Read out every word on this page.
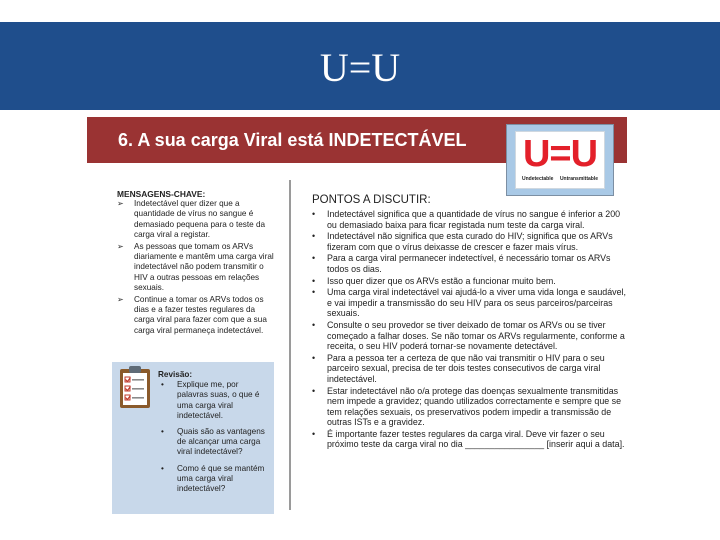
U=U
6. A sua carga Viral está INDETECTÁVEL U=U
Undetectable Untransmittable
MENSAGENS-CHAVE:
➢ Indetectável quer dizer que a quantidade de vírus no sangue é demasiado pequena para o teste da carga viral a registar.
➢ As pessoas que tomam os ARVs diariamente e mantêm uma carga viral indetectável não podem transmitir o HIV a outras pessoas em relações sexuais.
➢ Continue a tomar os ARVs todos os dias e a fazer testes regulares da carga viral para fazer com que a sua carga viral permaneça indetectável.
Revisão:
• Explique me, por palavras suas, o que é uma carga viral indetectável.
• Quais são as vantagens de alcançar uma carga viral indetectável?
• Como é que se mantém uma carga viral indetectável?
PONTOS A DISCUTIR:
• Indetectável significa que a quantidade de vírus no sangue é inferior a 200 ou demasiado baixa para ficar registada num teste da carga viral.
• Indetectável não significa que esta curado do HIV; significa que os ARVs fizeram com que o vírus deixasse de crescer e fazer mais vírus.
• Para a carga viral permanecer indetectível, é necessário tomar os ARVs todos os dias.
• Isso quer dizer que os ARVs estão a funcionar muito bem.
• Uma carga viral indetectável vai ajudá-lo a viver uma vida longa e saudável, e vai impedir a transmissão do seu HIV para os seus parceiros/parceiras sexuais.
• Consulte o seu provedor se tiver deixado de tomar os ARVs ou se tiver começado a falhar doses. Se não tomar os ARVs regularmente, conforme a receita, o seu HIV poderá tornar-se novamente detectável.
• Para a pessoa ter a certeza de que não vai transmitir o HIV para o seu parceiro sexual, precisa de ter dois testes consecutivos de carga viral indetectável.
• Estar indetectável não o/a protege das doenças sexualmente transmitidas nem impede a gravidez; quando utilizados correctamente e sempre que se tem relações sexuais, os preservativos podem impedir a transmissão de outras ISTs e a gravidez.
• É importante fazer testes regulares da carga viral. Deve vir fazer o seu próximo teste da carga viral no dia ________________ [inserir aqui a data].
